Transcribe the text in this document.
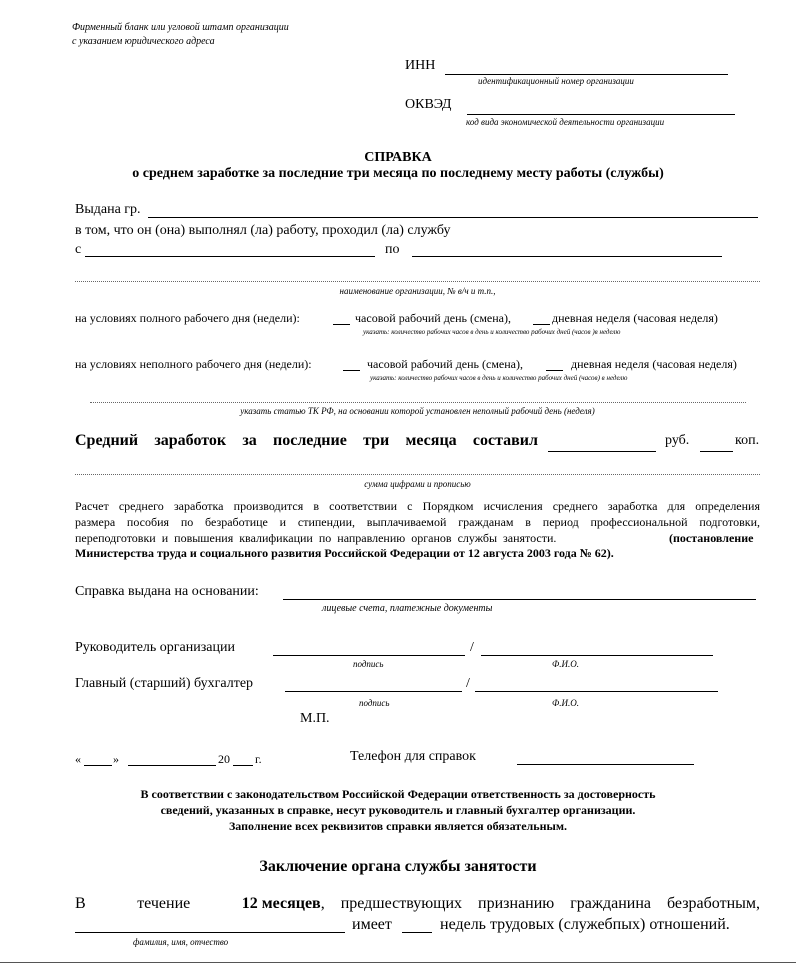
Фирменный бланк или угловой штамп организации
с указанием юридического адреса
ИНН
идентификационный номер организации
ОКВЭД
код вида экономической деятельности организации
СПРАВКА
о среднем заработке за последние три месяца по последнему месту работы (службы)
Выдана гр.
в том, что он (она) выполнял (ла) работу, проходил (ла) службу
с	по
наименование организации, № в/ч и т.п.,
на условиях полного рабочего дня (недели):	часовой рабочий день (смена),	дневная неделя (часовая неделя)
указать: количество рабочих часов в день и количество рабочих дней (часов )в неделю
на условиях неполного рабочего дня (недели):	часовой рабочий день (смена),	дневная неделя (часовая неделя)
указать: количество рабочих часов в день и количество рабочих дней (часов) в неделю
указать статью ТК РФ, на основании которой установлен неполный рабочий день (неделя)
Средний заработок за последние три месяца составил	руб.	коп.
сумма цифрами и прописью
Расчет среднего заработка производится в соответствии с Порядком исчисления среднего заработка для определения
размера пособия по безработице и стипендии, выплачиваемой гражданам в период профессиональной подготовки,
переподготовки и повышения квалификации по направлению органов службы занятости.	(постановление
Министерства труда и социального развития Российской Федерации от 12 августа 2003 года № 62).
Справка выдана на основании:
лицевые счета, платежные документы
Руководитель организации	/
подпись	Ф.И.О.
Главный (старший) бухгалтер	/
подпись	Ф.И.О.
М.П.
«	»	20 г.	Телефон для справок
В соответствии с законодательством Российской Федерации ответственность за достоверность
сведений, указанных в справке, несут руководитель и главный бухгалтер организации.
Заполнение всех реквизитов справки является обязательным.
Заключение органа службы занятости
В	течение	12 месяцев, предшествующих признанию гражданина безработным,
имеет	недель трудовых (служебпых) отношений.
фамилия, имя, отчество
